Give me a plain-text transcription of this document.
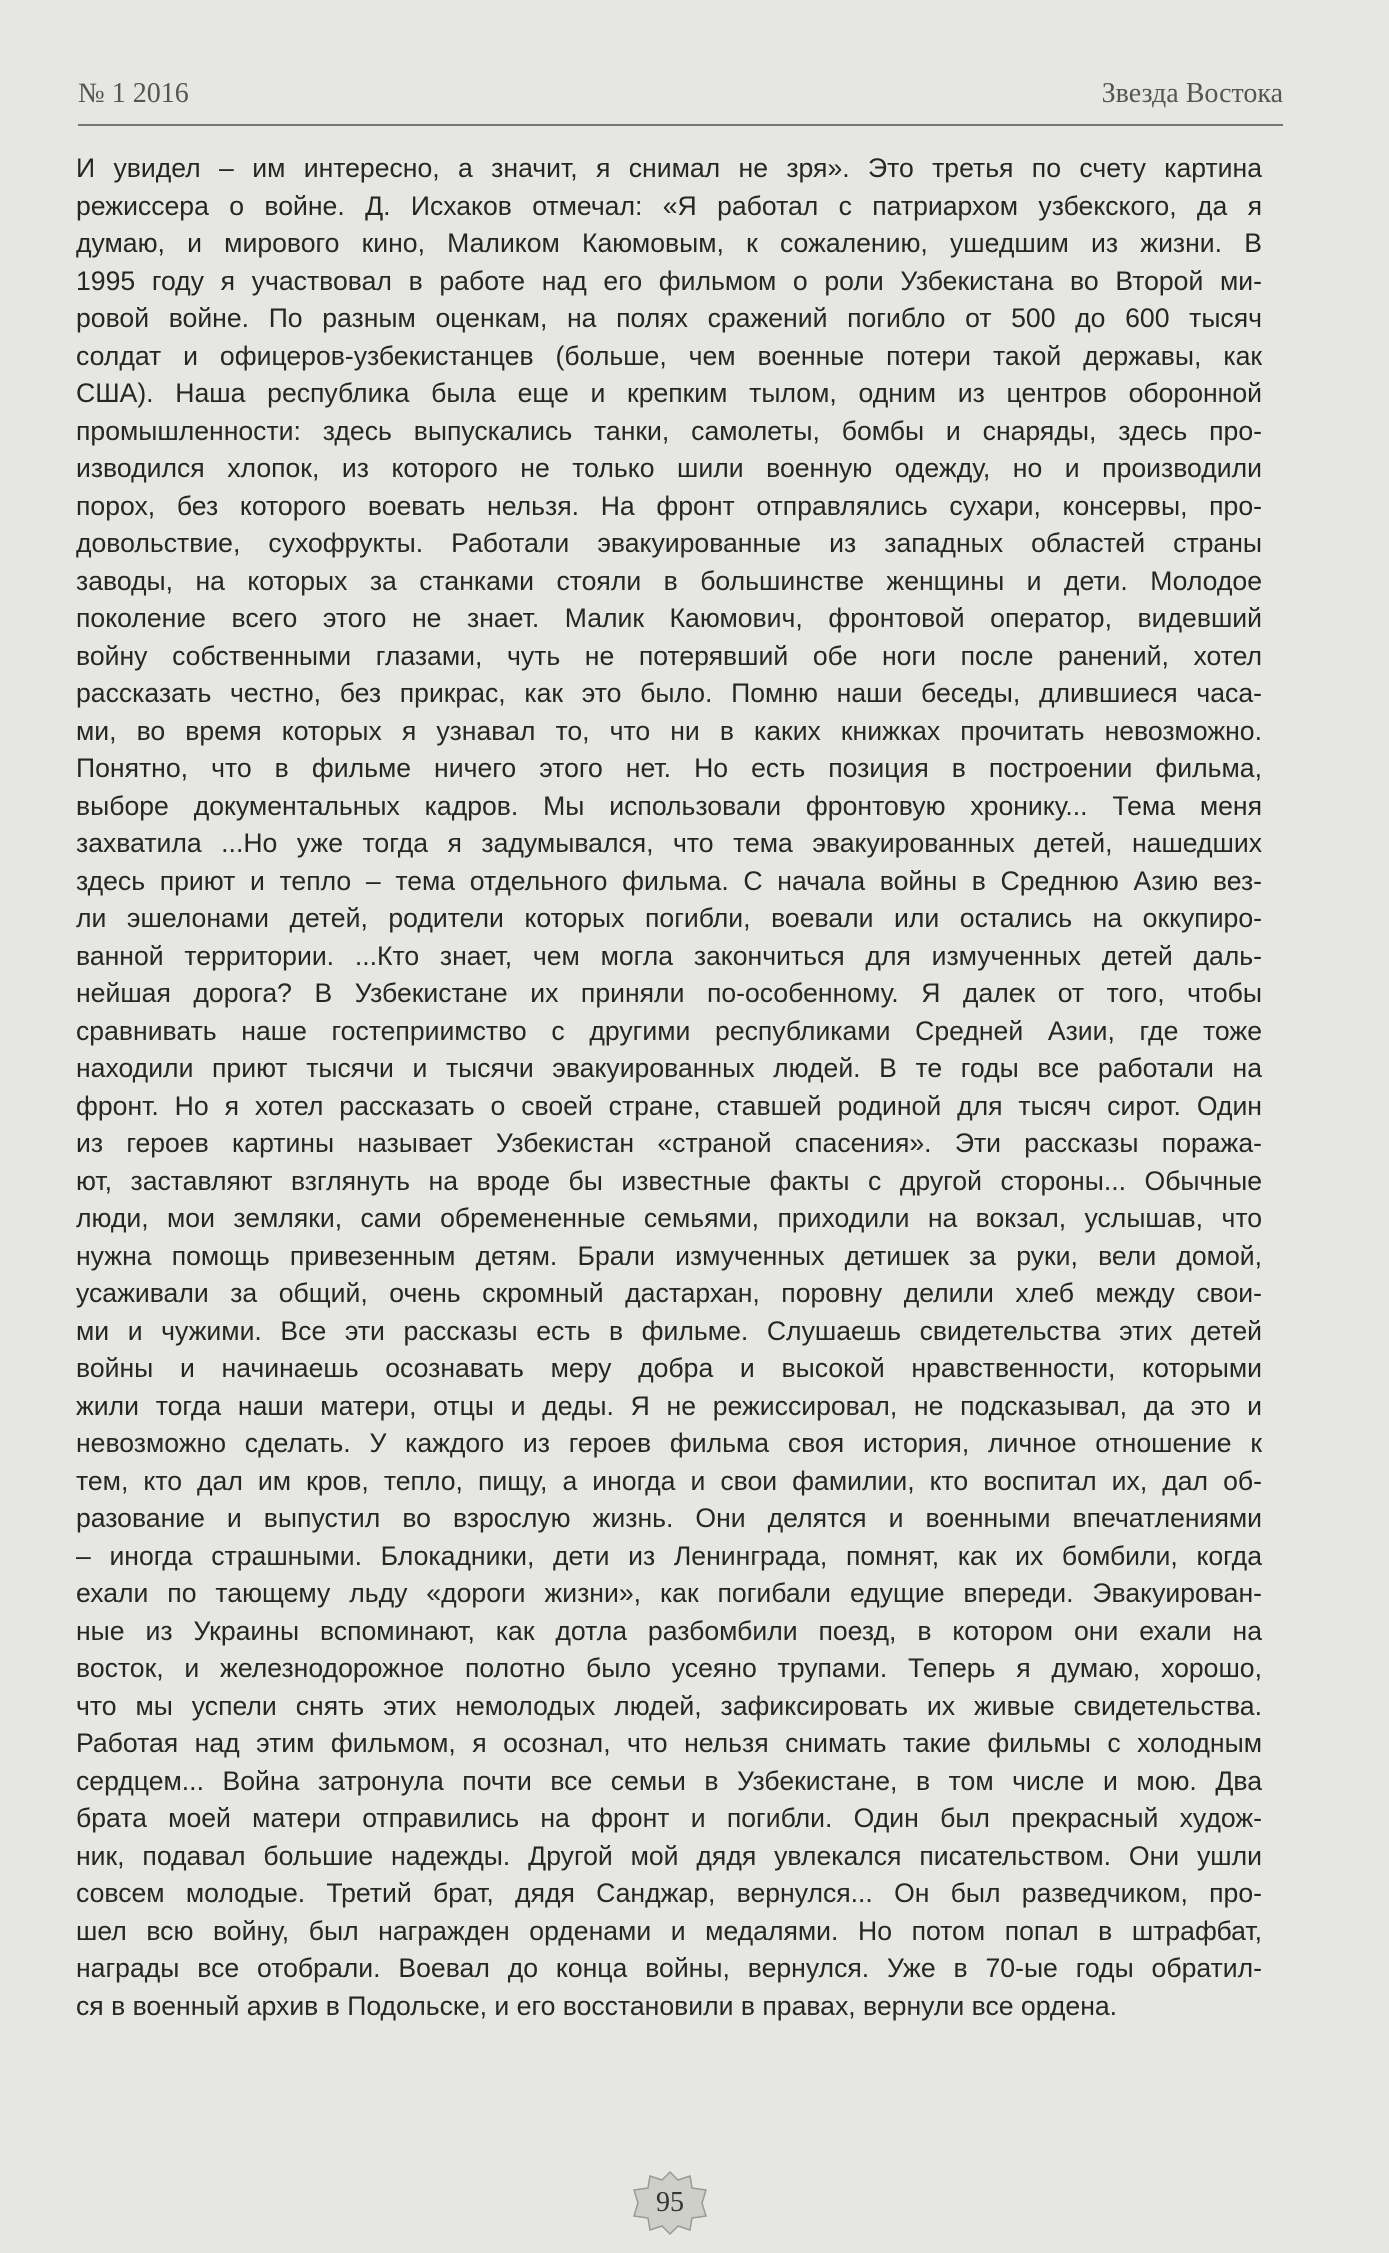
№ 1 2016	Звезда Востока
И увидел – им интересно, а значит, я снимал не зря». Это третья по счету картина
режиссера о войне. Д. Исхаков отмечал: «Я работал с патриархом узбекского, да я
думаю, и мирового кино, Маликом Каюмовым, к сожалению, ушедшим из жизни. В
1995 году я участвовал в работе над его фильмом о роли Узбекистана во Второй ми-
ровой войне. По разным оценкам, на полях сражений погибло от 500 до 600 тысяч
солдат и офицеров-узбекистанцев (больше, чем военные потери такой державы, как
США). Наша республика была еще и крепким тылом, одним из центров оборонной
промышленности: здесь выпускались танки, самолеты, бомбы и снаряды, здесь про-
изводился хлопок, из которого не только шили военную одежду, но и производили
порох, без которого воевать нельзя. На фронт отправлялись сухари, консервы, про-
довольствие, сухофрукты. Работали эвакуированные из западных областей страны
заводы, на которых за станками стояли в большинстве женщины и дети. Молодое
поколение всего этого не знает. Малик Каюмович, фронтовой оператор, видевший
войну собственными глазами, чуть не потерявший обе ноги после ранений, хотел
рассказать честно, без прикрас, как это было. Помню наши беседы, длившиеся часа-
ми, во время которых я узнавал то, что ни в каких книжках прочитать невозможно.
Понятно, что в фильме ничего этого нет. Но есть позиция в построении фильма,
выборе документальных кадров. Мы использовали фронтовую хронику... Тема меня
захватила ...Но уже тогда я задумывался, что тема эвакуированных детей, нашедших
здесь приют и тепло – тема отдельного фильма. С начала войны в Среднюю Азию вез-
ли эшелонами детей, родители которых погибли, воевали или остались на оккупиро-
ванной территории. ...Кто знает, чем могла закончиться для измученных детей даль-
нейшая дорога? В Узбекистане их приняли по-особенному. Я далек от того, чтобы
сравнивать наше гостеприимство с другими республиками Средней Азии, где тоже
находили приют тысячи и тысячи эвакуированных людей. В те годы все работали на
фронт. Но я хотел рассказать о своей стране, ставшей родиной для тысяч сирот. Один
из героев картины называет Узбекистан «страной спасения». Эти рассказы поража-
ют, заставляют взглянуть на вроде бы известные факты с другой стороны... Обычные
люди, мои земляки, сами обремененные семьями, приходили на вокзал, услышав, что
нужна помощь привезенным детям. Брали измученных детишек за руки, вели домой,
усаживали за общий, очень скромный дастархан, поровну делили хлеб между свои-
ми и чужими. Все эти рассказы есть в фильме. Слушаешь свидетельства этих детей
войны и начинаешь осознавать меру добра и высокой нравственности, которыми
жили тогда наши матери, отцы и деды. Я не режиссировал, не подсказывал, да это и
невозможно сделать. У каждого из героев фильма своя история, личное отношение к
тем, кто дал им кров, тепло, пищу, а иногда и свои фамилии, кто воспитал их, дал об-
разование и выпустил во взрослую жизнь. Они делятся и военными впечатлениями
– иногда страшными. Блокадники, дети из Ленинграда, помнят, как их бомбили, когда
ехали по тающему льду «дороги жизни», как погибали едущие впереди. Эвакуирован-
ные из Украины вспоминают, как дотла разбомбили поезд, в котором они ехали на
восток, и железнодорожное полотно было усеяно трупами. Теперь я думаю, хорошо,
что мы успели снять этих немолодых людей, зафиксировать их живые свидетельства.
Работая над этим фильмом, я осознал, что нельзя снимать такие фильмы с холодным
сердцем... Война затронула почти все семьи в Узбекистане, в том числе и мою. Два
брата моей матери отправились на фронт и погибли. Один был прекрасный худож-
ник, подавал большие надежды. Другой мой дядя увлекался писательством. Они ушли
совсем молодые. Третий брат, дядя Санджар, вернулся... Он был разведчиком, про-
шел всю войну, был награжден орденами и медалями. Но потом попал в штрафбат,
награды все отобрали. Воевал до конца войны, вернулся. Уже в 70-ые годы обратил-
ся в военный архив в Подольске, и его восстановили в правах, вернули все ордена.
95
